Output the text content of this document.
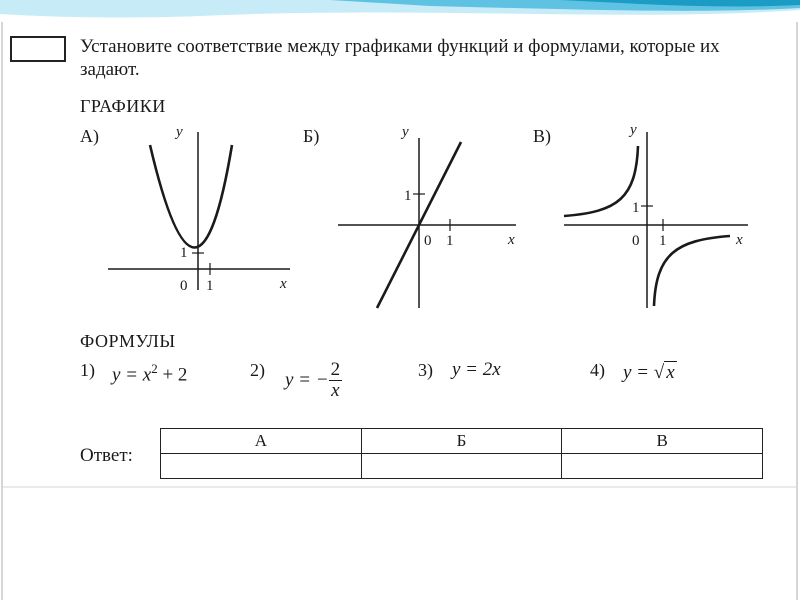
Установите соответствие между графиками функций и формулами, которые их задают.

ГРАФИКИ
А)	y
x
0 1
1
Б)	y
x
0 1
1
В)	y
x
0 1
1
ФОРМУЛЫ
1) $y = x^2 + 2$	2) y = − $\frac{2}{x}$	3) y = 2x	4) y = √ x
Ответ:
А	Б	В
